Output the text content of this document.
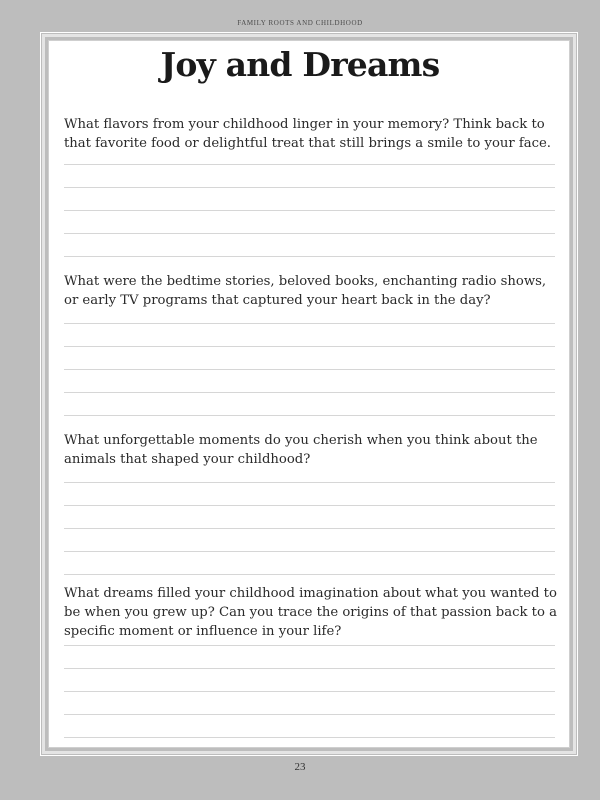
FAMILY ROOTS AND CHILDHOOD
Joy and Dreams
What flavors from your childhood linger in your memory? Think back to that favorite food or delightful treat that still brings a smile to your face.
What were the bedtime stories, beloved books, enchanting radio shows, or early TV programs that captured your heart back in the day?
What unforgettable moments do you cherish when you think about the animals that shaped your childhood?
What dreams filled your childhood imagination about what you wanted to be when you grew up? Can you trace the origins of that passion back to a specific moment or influence in your life?
23
